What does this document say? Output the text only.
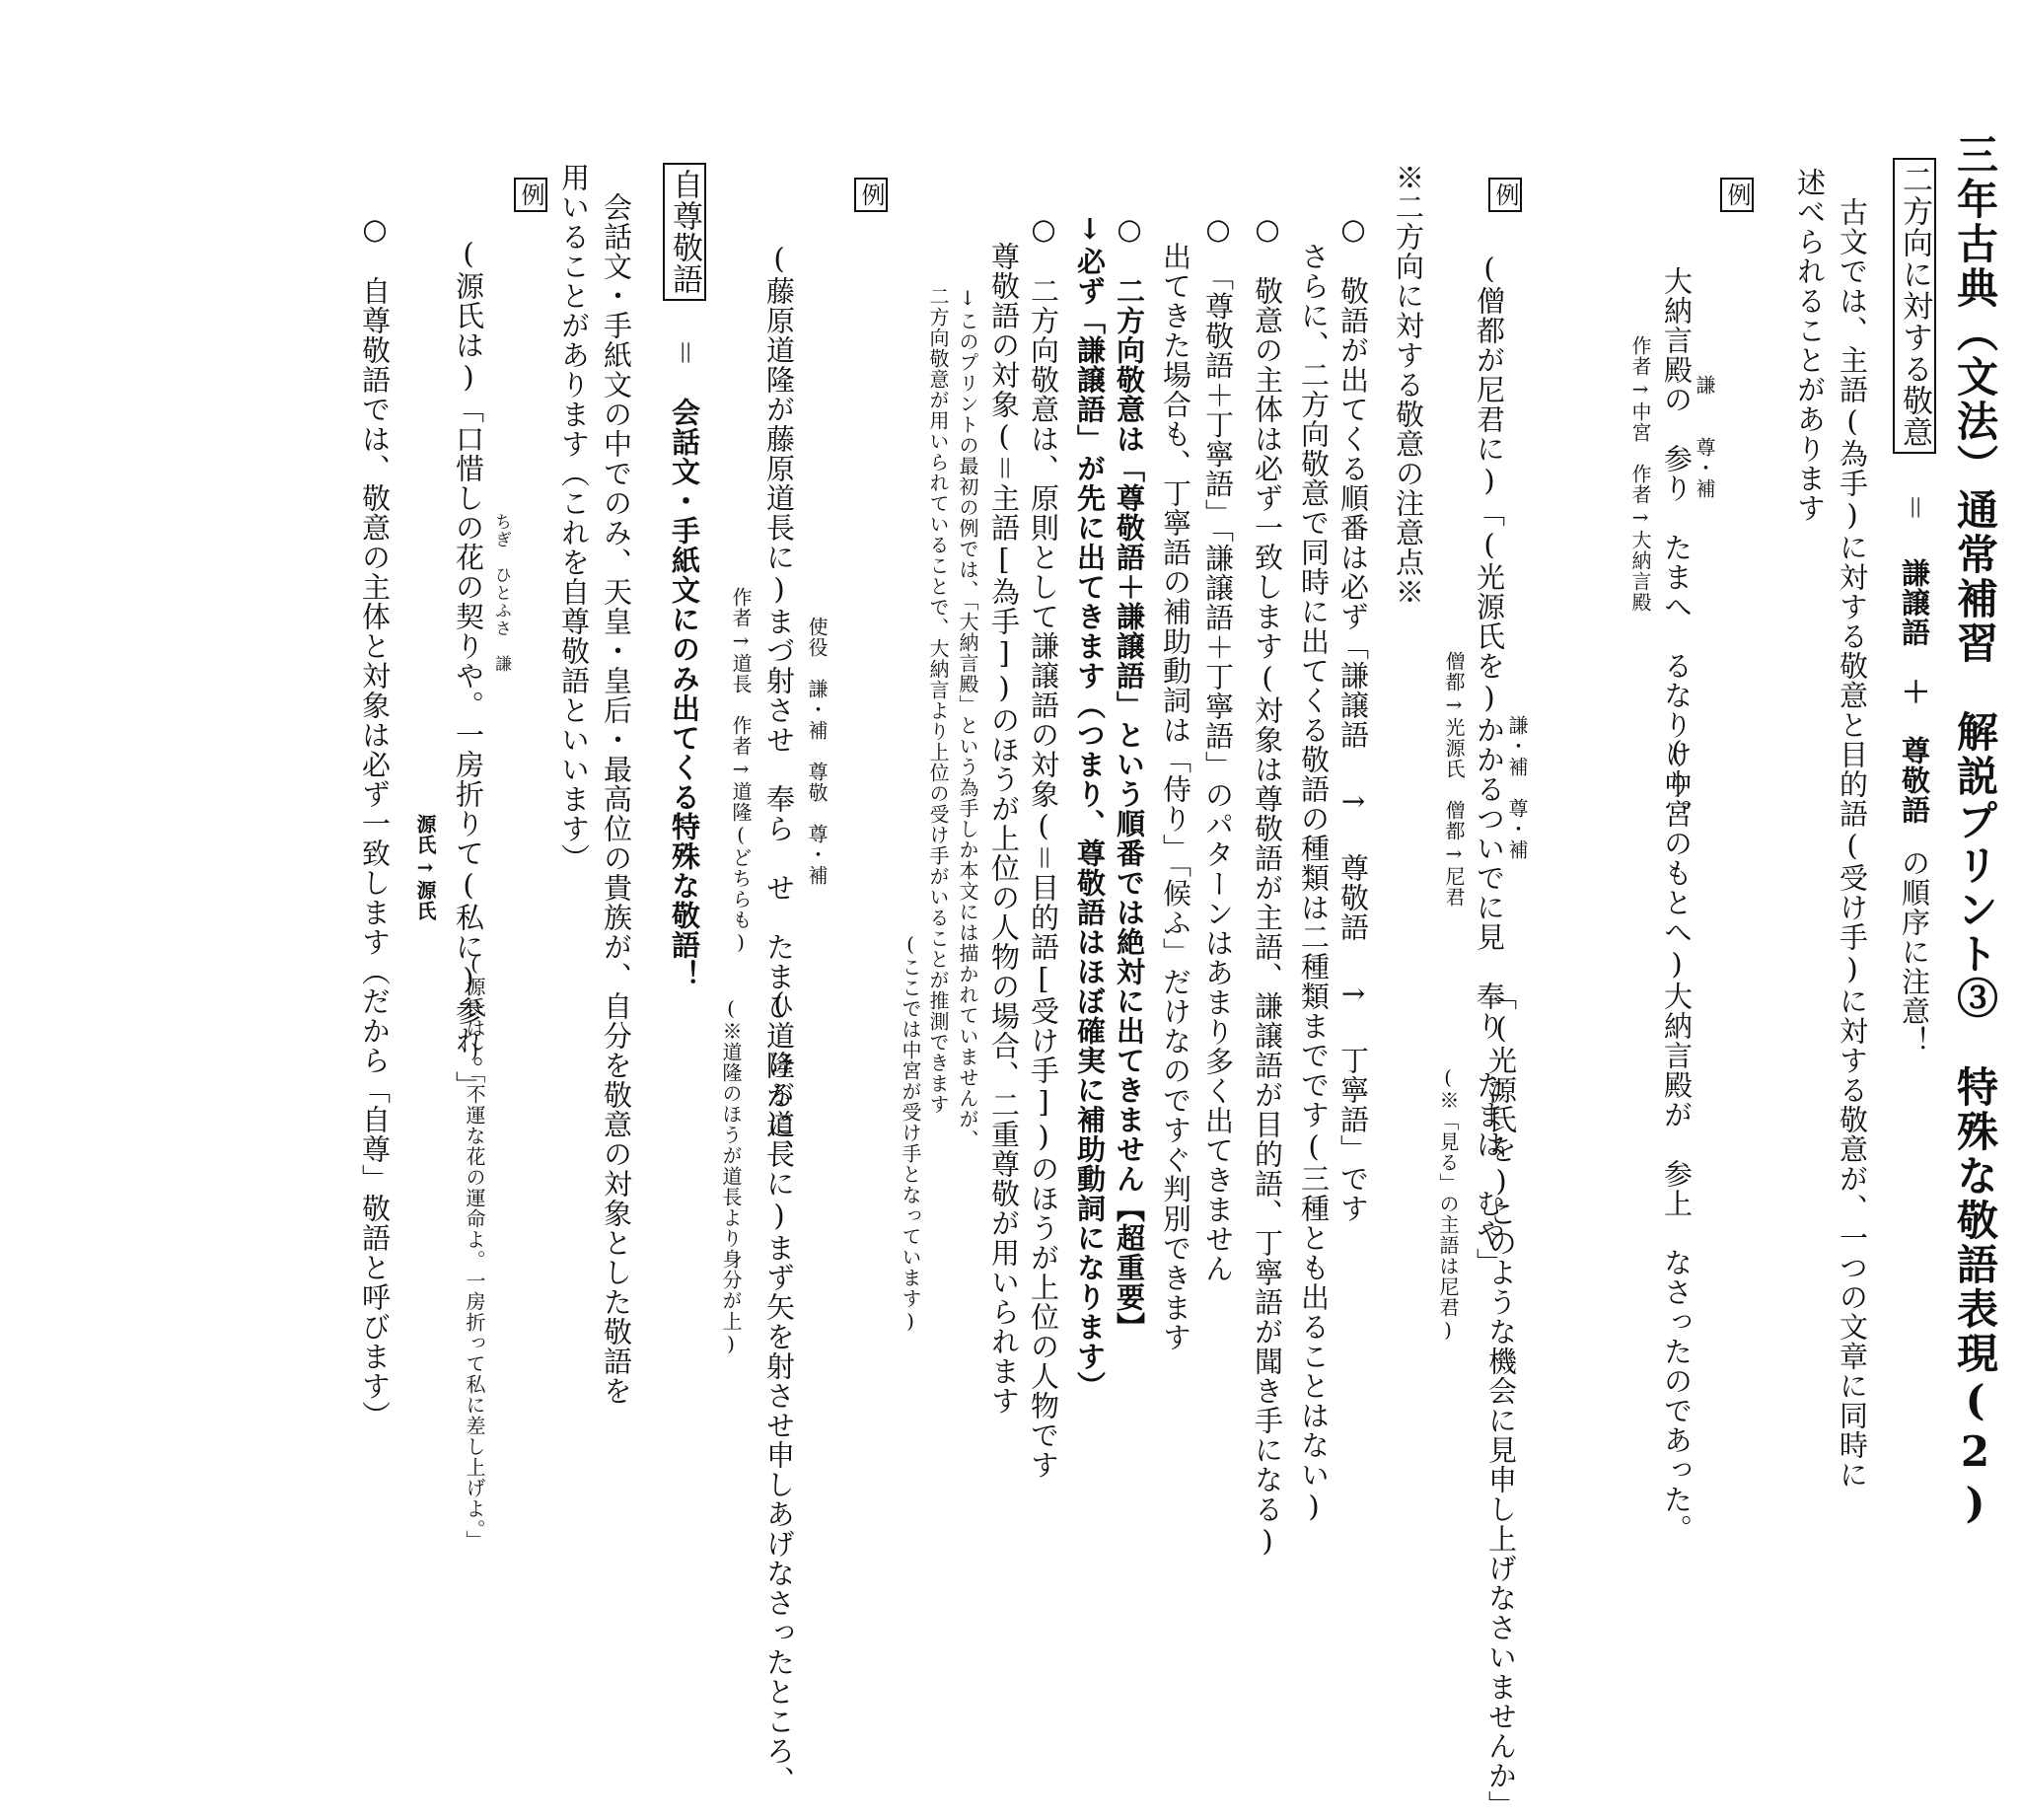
三年古典（文法）通常補習　解説プリント③　特殊な敬語表現(2)
二方向に対する敬意＝謙譲語　＋　尊敬語の順序に注意！
古文では、主語(為手)に対する敬意と目的語(受け手)に対する敬意が、一つの文章に同時に
述べられることがあります
例
謙　　尊・補
大納言殿の　参り　たまへ　るなりけり。
作者→中宮　作者→大納言殿
(中宮のもとへ)大納言殿が　参上　なさったのであった。
例
謙・補　尊・補
(僧都が尼君に)「(光源氏を)かかるついでに見　奉り　たまは　むや」
僧都→光源氏　僧都→尼君
「(光源氏を)このような機会に見申し上げなさいませんか」
(※「見る」の主語は尼君)
※二方向に対する敬意の注意点※
○　敬語が出てくる順番は必ず「謙譲語 → 尊敬語 → 丁寧語」です
さらに、二方向敬意で同時に出てくる敬語の種類は二種類までです(三種とも出ることはない)
○　敬意の主体は必ず一致します(対象は尊敬語が主語、謙譲語が目的語、丁寧語が聞き手になる)
○　「尊敬語＋丁寧語」「謙譲語＋丁寧語」のパターンはあまり多く出てきません
出てきた場合も、丁寧語の補助動詞は「侍り」「候ふ」だけなのですぐ判別できます
○　二方向敬意は「尊敬語＋謙譲語」という順番では絶対に出てきません【超重要】
↓必ず「謙譲語」が先に出てきます（つまり、尊敬語はほぼ確実に補助動詞になります）
○　二方向敬意は、原則として謙譲語の対象(＝目的語[受け手])のほうが上位の人物です
尊敬語の対象(＝主語[為手])のほうが上位の人物の場合、二重尊敬が用いられます
↓このプリントの最初の例では、「大納言殿」という為手しか本文には描かれていませんが、
二方向敬意が用いられていることで、大納言より上位の受け手がいることが推測できます
(ここでは中宮が受け手となっています)
例
使役　謙・補　尊敬　尊・補
(藤原道隆が藤原道長に)まづ射させ　奉ら　せ　たまひ　けるに、
作者→道長　作者→道隆(どちらも)
(道隆が道長に)まず矢を射させ申しあげなさったところ、
(※道隆のほうが道長より身分が上)
自尊敬語＝会話文・手紙文にのみ出てくる特殊な敬語！
会話文・手紙文の中でのみ、天皇・皇后・最高位の貴族が、自分を敬意の対象とした敬語を
用いることがあります（これを自尊敬語といいます）
例
ちぎ　ひとふさ　謙
(源氏は)「口惜しの花の契りや。一房折りて(私に)参れ。」
源氏→源氏
(源氏は)「不運な花の運命よ。一房折って私に差し上げよ。」
○　自尊敬語では、敬意の主体と対象は必ず一致します（だから「自尊」敬語と呼びます）
